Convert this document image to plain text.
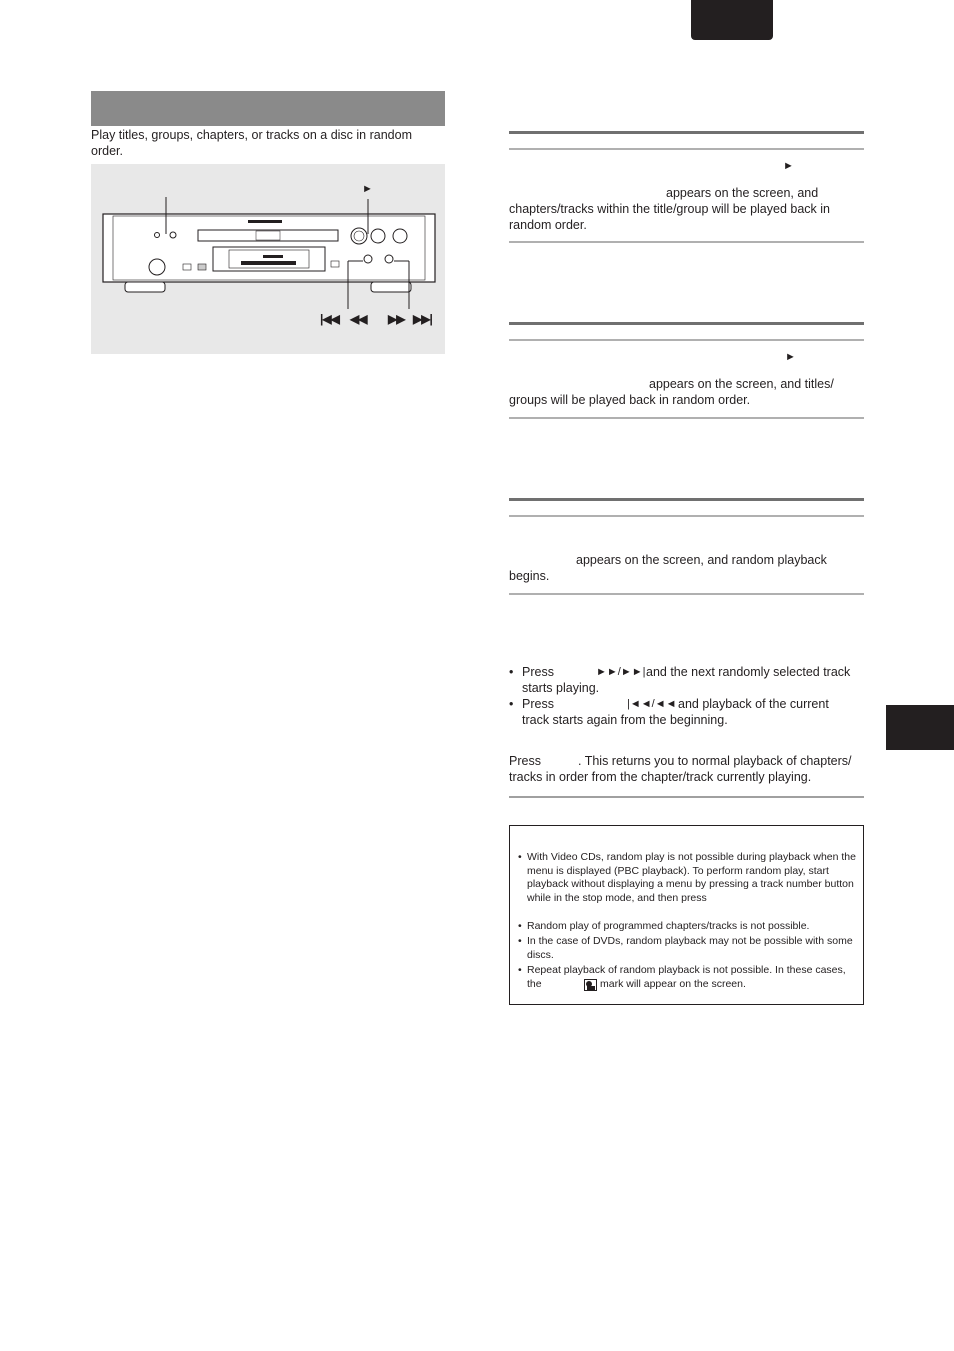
Play titles, groups, chapters, or tracks on a disc in random order.
►
|◀◀ ◀◀ ▶▶ ▶▶|
►
appears on the screen, and
chapters/tracks within the title/group will be played back in random order.
►
appears on the screen, and titles/
groups will be played back in random order.
appears on the screen, and random playback
begins.
• Press	►►/►►| and the next randomly selected track
starts playing.
• Press	|◄◄/◄◄ and playback of the current
track starts again from the beginning.
Press	. This returns you to normal playback of chapters/
tracks in order from the chapter/track currently playing.
• With Video CDs, random play is not possible during playback when the menu is displayed (PBC playback). To perform random play, start playback without displaying a menu by pressing a track number button while in the stop mode, and then press
• Random play of programmed chapters/tracks is not possible.
• In the case of DVDs, random playback may not be possible with some discs.
• Repeat playback of random playback is not possible. In these cases, the	mark will appear on the screen.
